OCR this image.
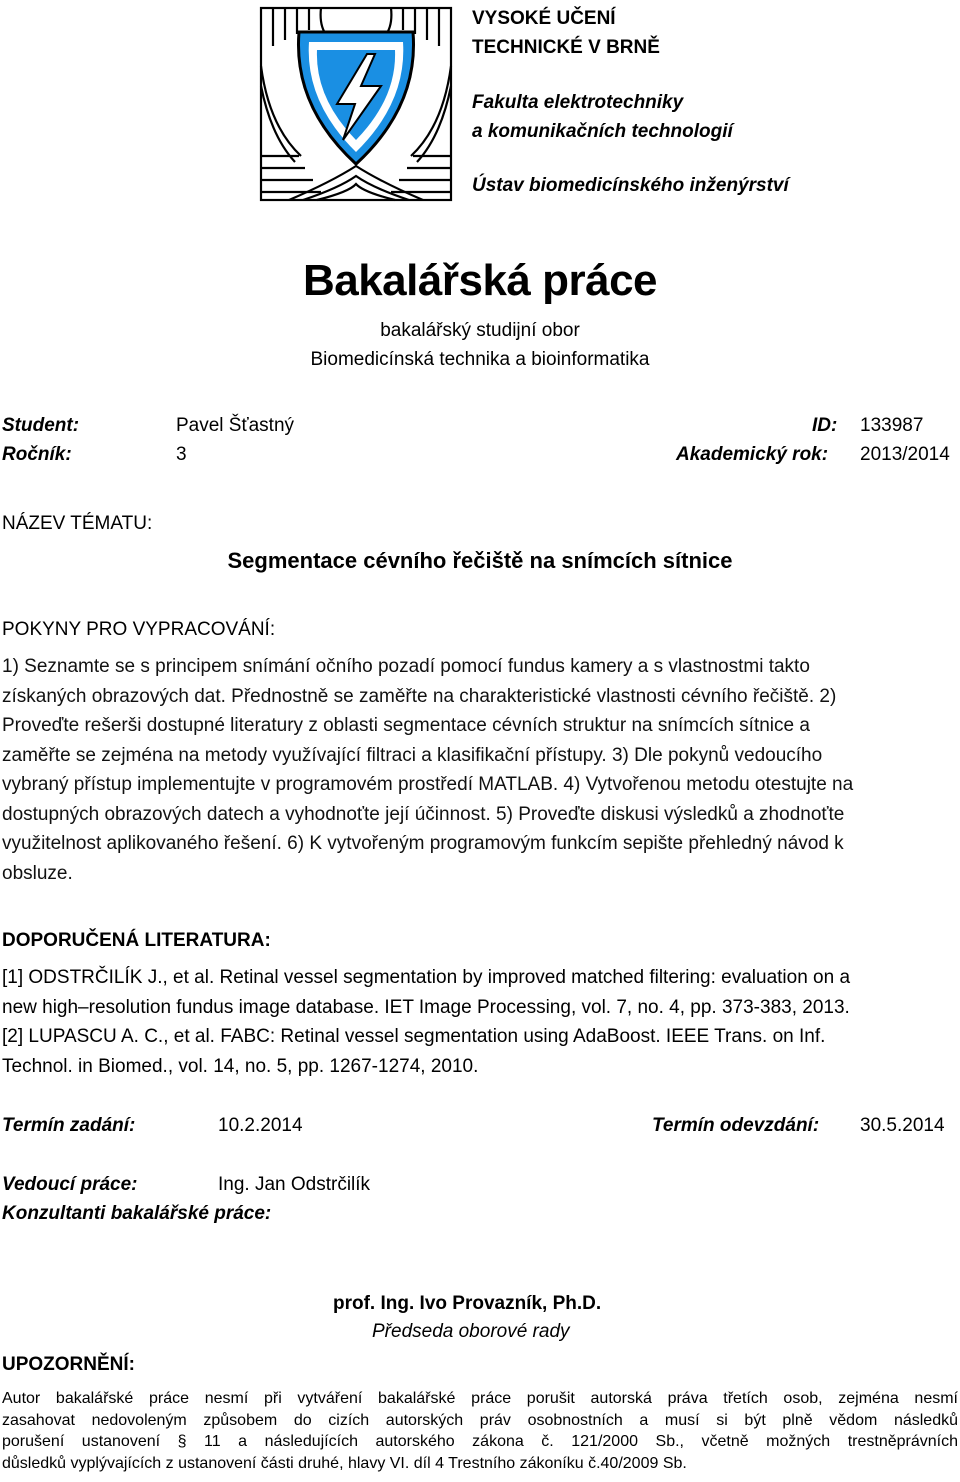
VYSOKÉ UČENÍ
TECHNICKÉ V BRNĚ
Fakulta elektrotechniky
a komunikačních technologií
Ústav biomedicínského inženýrství
Bakalářská práce
bakalářský studijní obor
Biomedicínská technika a bioinformatika
Student:	Pavel Šťastný	ID: 133987
Ročník:	3	Akademický rok: 2013/2014
NÁZEV TÉMATU:
Segmentace cévního řečiště na snímcích sítnice
POKYNY PRO VYPRACOVÁNÍ:
1) Seznamte se s principem snímání očního pozadí pomocí fundus kamery a s vlastnostmi takto
získaných obrazových dat. Přednostně se zaměřte na charakteristické vlastnosti cévního řečiště. 2)
Proveďte rešerši dostupné literatury z oblasti segmentace cévních struktur na snímcích sítnice a
zaměřte se zejména na metody využívající filtraci a klasifikační přístupy. 3) Dle pokynů vedoucího
vybraný přístup implementujte v programovém prostředí MATLAB. 4) Vytvořenou metodu otestujte na
dostupných obrazových datech a vyhodnoťte její účinnost. 5) Proveďte diskusi výsledků a zhodnoťte
využitelnost aplikovaného řešení. 6) K vytvořeným programovým funkcím sepište přehledný návod k
obsluze.
DOPORUČENÁ LITERATURA:
[1] ODSTRČILÍK J., et al. Retinal vessel segmentation by improved matched filtering: evaluation on a
new high–resolution fundus image database. IET Image Processing, vol. 7, no. 4, pp. 373-383, 2013.
[2] LUPASCU A. C., et al. FABC: Retinal vessel segmentation using AdaBoost. IEEE Trans. on Inf.
Technol. in Biomed., vol. 14, no. 5, pp. 1267-1274, 2010.
Termín zadání:	10.2.2014	Termín odevzdání: 30.5.2014
Vedoucí práce:	Ing. Jan Odstrčilík
Konzultanti bakalářské práce:
prof. Ing. Ivo Provazník, Ph.D.
Předseda oborové rady
UPOZORNĚNÍ:
Autor bakalářské práce nesmí při vytváření bakalářské práce porušit autorská práva třetích osob, zejména nesmí
zasahovat nedovoleným způsobem do cizích autorských práv osobnostních a musí si být plně vědom následků
porušení ustanovení § 11 a následujících autorského zákona č. 121/2000 Sb., včetně možných trestněprávních
důsledků vyplývajících z ustanovení části druhé, hlavy VI. díl 4 Trestního zákoníku č.40/2009 Sb.
